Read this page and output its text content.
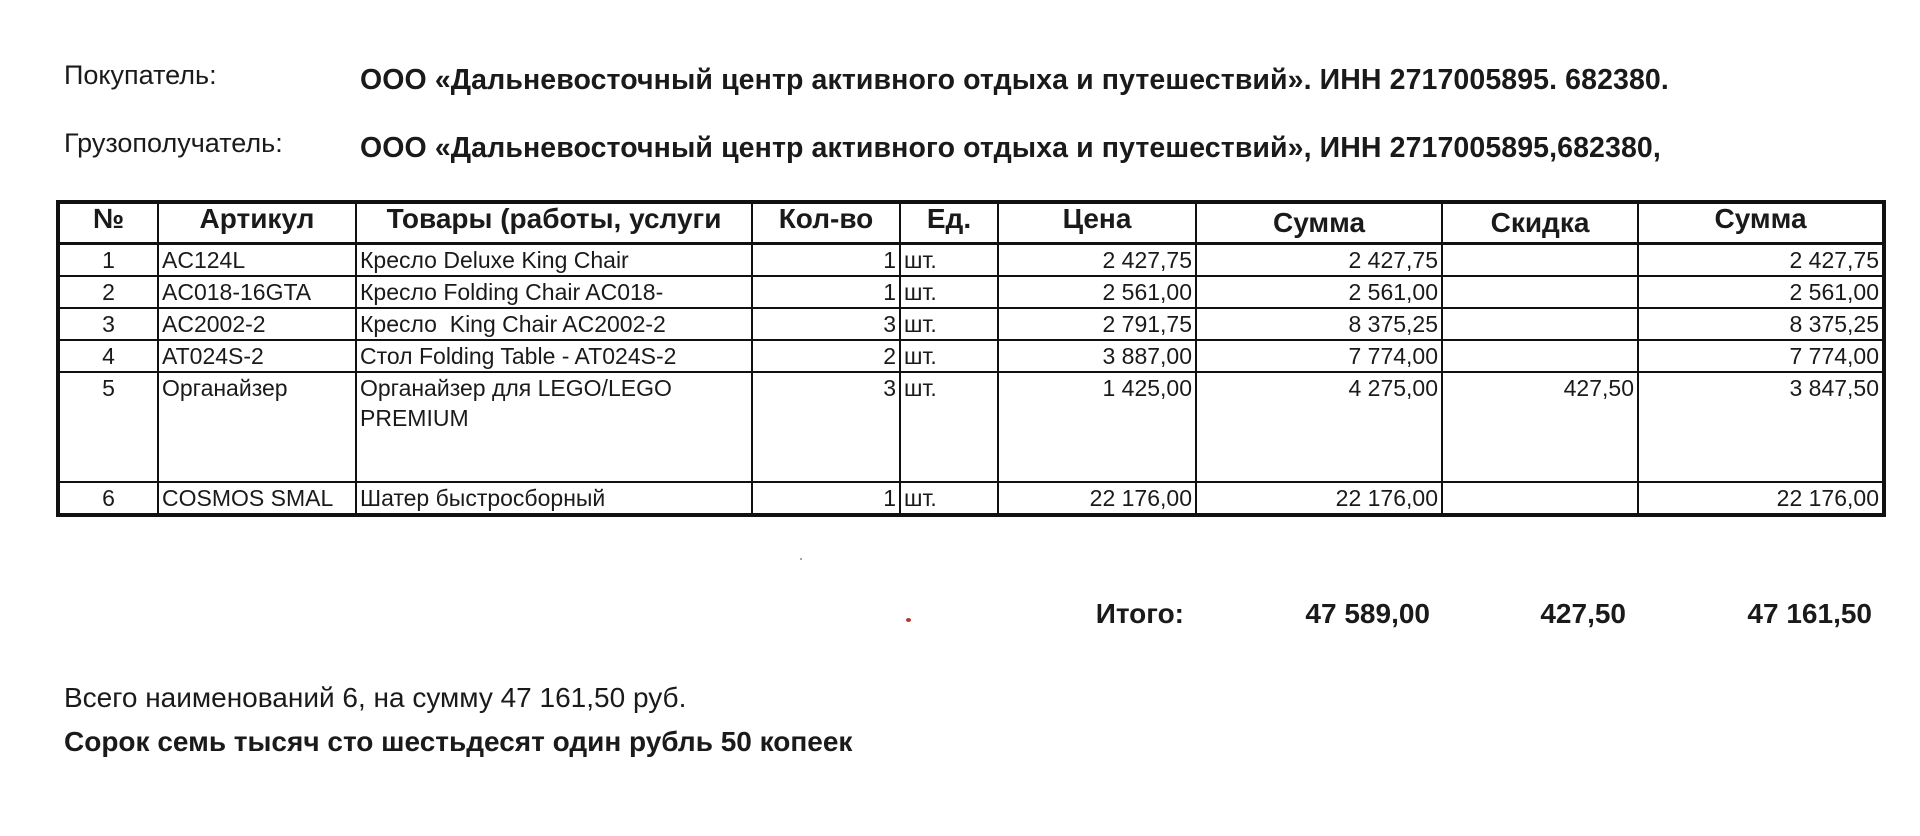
Покупатель:	ООО «Дальневосточный центр активного отдыха и путешествий». ИНН 2717005895. 682380.
Грузополучатель:	ООО «Дальневосточный центр активного отдыха и путешествий», ИНН 2717005895,682380,
№	Артикул	Товары (работы, услуги	Кол-во	Ед.	Цена	Сумма	Скидка	Сумма
1	AC124L	Кресло Deluxe King Chair	1	шт.	2 427,75	2 427,75		2 427,75
2	AC018-16GTA	Кресло Folding Chair AC018-	1	шт.	2 561,00	2 561,00		2 561,00
3	AC2002-2	Кресло  King Chair AC2002-2	3	шт.	2 791,75	8 375,25		8 375,25
4	AT024S-2	Стол Folding Table - AT024S-2	2	шт.	3 887,00	7 774,00		7 774,00
5	Органайзер	Органайзер для LEGO/LEGO PREMIUM	3	шт.	1 425,00	4 275,00	427,50	3 847,50
6	COSMOS SMAL	Шатер быстросборный	1	шт.	22 176,00	22 176,00		22 176,00
Итого:	47 589,00	427,50	47 161,50
Всего наименований 6, на сумму 47 161,50 руб.
Сорок семь тысяч сто шестьдесят один рубль 50 копеек
